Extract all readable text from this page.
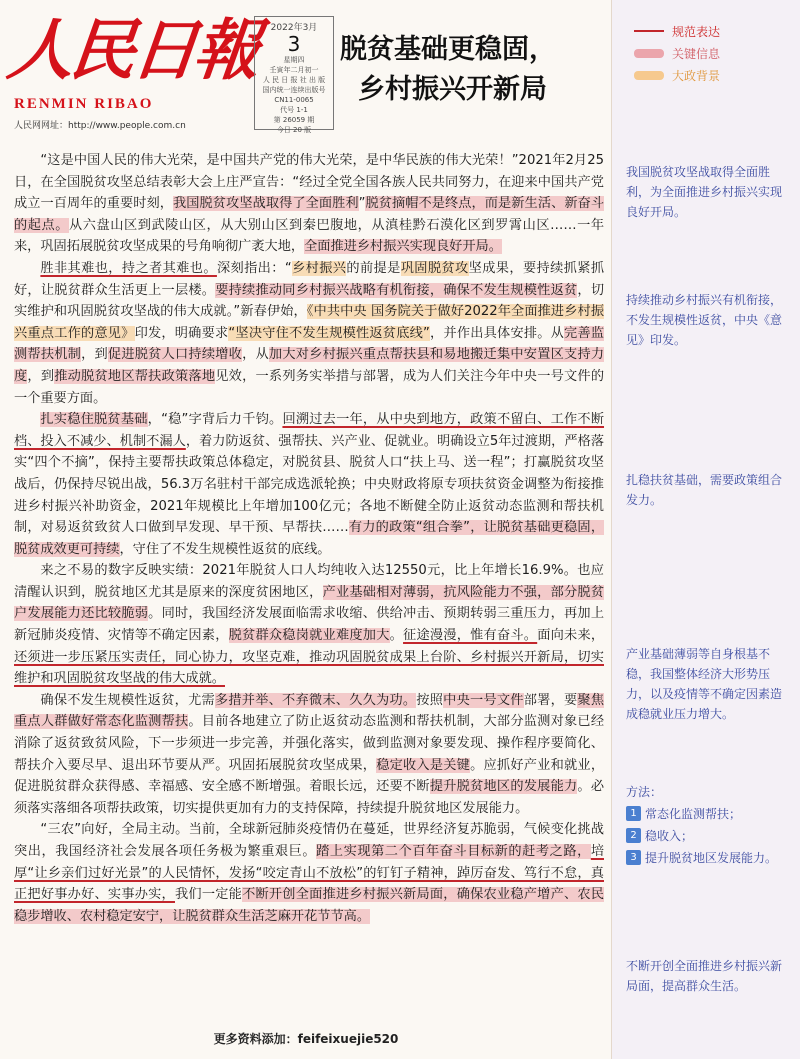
人民日報
RENMIN RIBAO
人民网网址：http://www.people.com.cn
2022年3月
3
星期四
壬寅年二月初一
人 民 日 报 社 出 版
国内统一连续出版号
CN11-0065
代号 1-1
第 26059 期
今日 20 版
脱贫基础更稳固，
乡村振兴开新局

“这是中国人民的伟大光荣，是中国共产党的伟大光荣，是中华民族的伟大光荣！”2021年2月25日，在全国脱贫攻坚总结表彰大会上庄严宣告：“经过全党全国各族人民共同努力，在迎来中国共产党成立一百周年的重要时刻，我国脱贫攻坚战取得了全面胜利”脱贫摘帽不是终点，而是新生活、新奋斗的起点。从六盘山区到武陵山区，从大别山区到秦巴腹地，从滇桂黔石漠化区到罗霄山区……一年来，巩固拓展脱贫攻坚成果的号角响彻广袤大地，全面推进乡村振兴实现良好开局。

胜非其难也，持之者其难也。深刻指出：“乡村振兴的前提是巩固脱贫攻坚成果，要持续抓紧抓好，让脱贫群众生活更上一层楼。要持续推动同乡村振兴战略有机衔接，确保不发生规模性返贫，切实维护和巩固脱贫攻坚战的伟大成就。”新春伊始，《中共中央 国务院关于做好2022年全面推进乡村振兴重点工作的意见》印发，明确要求“坚决守住不发生规模性返贫底线”，并作出具体安排。从完善监测帮扶机制，到促进脱贫人口持续增收，从加大对乡村振兴重点帮扶县和易地搬迁集中安置区支持力度，到推动脱贫地区帮扶政策落地见效，一系列务实举措与部署，成为人们关注今年中央一号文件的一个重要方面。

扎实稳住脱贫基础，“稳”字背后力千钧。回溯过去一年，从中央到地方，政策不留白、工作不断档、投入不减少、机制不漏人，着力防返贫、强帮扶、兴产业、促就业。明确设立5年过渡期，严格落实“四个不摘”，保持主要帮扶政策总体稳定，对脱贫县、脱贫人口“扶上马、送一程”；打赢脱贫攻坚战后，仍保持尽锐出战，56.3万名驻村干部完成选派轮换；中央财政将原专项扶贫资金调整为衔接推进乡村振兴补助资金，2021年规模比上年增加100亿元；各地不断健全防止返贫动态监测和帮扶机制，对易返贫致贫人口做到早发现、早干预、早帮扶……有力的政策“组合拳”，让脱贫基础更稳固，脱贫成效更可持续，守住了不发生规模性返贫的底线。

来之不易的数字反映实绩：2021年脱贫人口人均纯收入达12550元，比上年增长16.9%。也应清醒认识到，脱贫地区尤其是原来的深度贫困地区，产业基础相对薄弱，抗风险能力不强，部分脱贫户发展能力还比较脆弱。同时，我国经济发展面临需求收缩、供给冲击、预期转弱三重压力，再加上新冠肺炎疫情、灾情等不确定因素，脱贫群众稳岗就业难度加大。征途漫漫，惟有奋斗。面向未来，还须进一步压紧压实责任，同心协力，攻坚克难，推动巩固脱贫成果上台阶、乡村振兴开新局，切实维护和巩固脱贫攻坚战的伟大成就。

确保不发生规模性返贫，尤需多措并举、不弃微末、久久为功。按照中央一号文件部署，要聚焦重点人群做好常态化监测帮扶。目前各地建立了防止返贫动态监测和帮扶机制，大部分监测对象已经消除了返贫致贫风险，下一步须进一步完善，并强化落实，做到监测对象要发现、操作程序要简化、帮扶介入要尽早、退出环节要从严。巩固拓展脱贫攻坚成果，稳定收入是关键。应抓好产业和就业，促进脱贫群众获得感、幸福感、安全感不断增强。着眼长远，还要不断提升脱贫地区的发展能力。必须落实落细各项帮扶政策，切实提供更加有力的支持保障，持续提升脱贫地区发展能力。

“三农”向好，全局主动。当前，全球新冠肺炎疫情仍在蔓延，世界经济复苏脆弱，气候变化挑战突出，我国经济社会发展各项任务极为繁重艰巨。踏上实现第二个百年奋斗目标新的赶考之路，培厚“让乡亲们过好光景”的人民情怀，发扬“咬定青山不放松”的钉钉子精神，踔厉奋发、笃行不怠，真正把好事办好、实事办实，我们一定能不断开创全面推进乡村振兴新局面，确保农业稳产增产、农民稳步增收、农村稳定安宁，让脱贫群众生活芝麻开花节节高。

更多资料添加：feifeixuejie520
规范表达
关键信息
大政背景
我国脱贫攻坚战取得全面胜利，为全面推进乡村振兴实现良好开局。
持续推动乡村振兴有机衔接，不发生规模性返贫，中央《意见》印发。
扎稳扶贫基础，需要政策组合发力。
产业基础薄弱等自身根基不稳，我国整体经济大形势压力，以及疫情等不确定因素造成稳就业压力增大。
方法：
1 常态化监测帮扶；
2 稳收入；
3 提升脱贫地区发展能力。
不断开创全面推进乡村振兴新局面，提高群众生活。
